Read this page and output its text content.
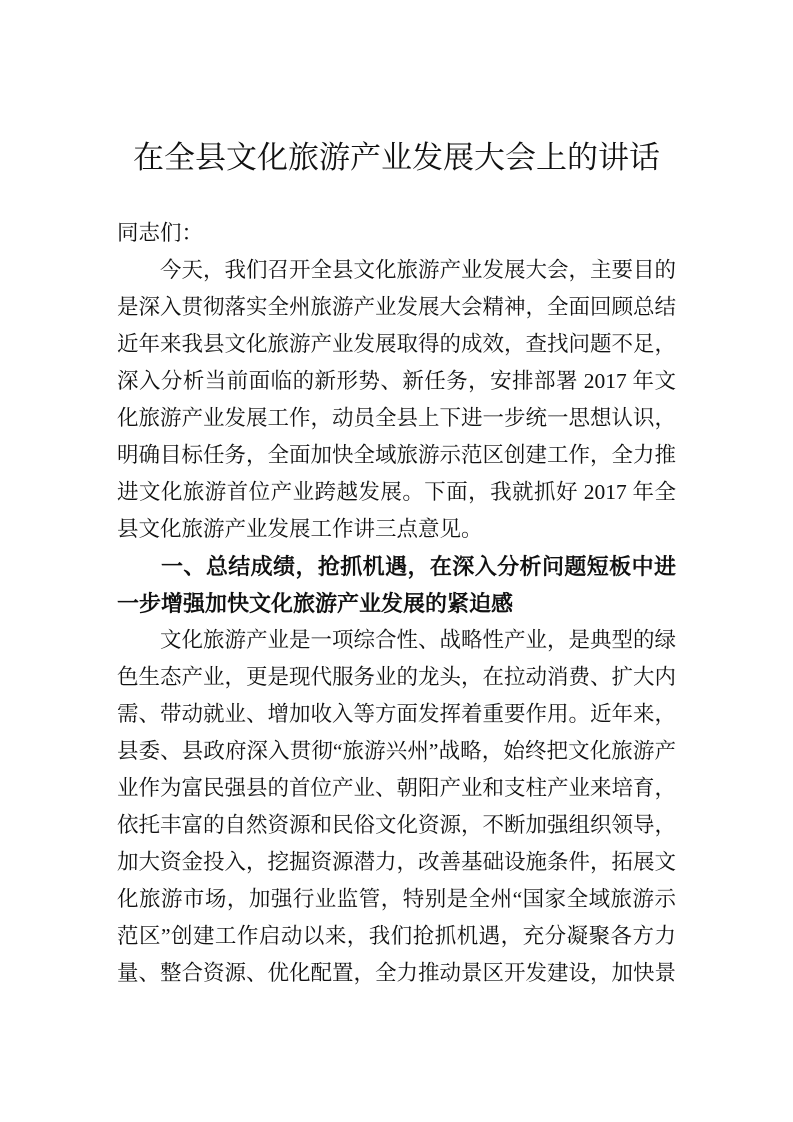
在全县文化旅游产业发展大会上的讲话

同志们：

今天，我们召开全县文化旅游产业发展大会，主要目的是深入贯彻落实全州旅游产业发展大会精神，全面回顾总结近年来我县文化旅游产业发展取得的成效，查找问题不足，深入分析当前面临的新形势、新任务，安排部署 2017 年文化旅游产业发展工作，动员全县上下进一步统一思想认识，明确目标任务，全面加快全域旅游示范区创建工作，全力推进文化旅游首位产业跨越发展。下面，我就抓好 2017 年全县文化旅游产业发展工作讲三点意见。

一、总结成绩，抢抓机遇，在深入分析问题短板中进一步增强加快文化旅游产业发展的紧迫感

文化旅游产业是一项综合性、战略性产业，是典型的绿色生态产业，更是现代服务业的龙头，在拉动消费、扩大内需、带动就业、增加收入等方面发挥着重要作用。近年来，县委、县政府深入贯彻“旅游兴州”战略，始终把文化旅游产业作为富民强县的首位产业、朝阳产业和支柱产业来培育，依托丰富的自然资源和民俗文化资源，不断加强组织领导，加大资金投入，挖掘资源潜力，改善基础设施条件，拓展文化旅游市场，加强行业监管，特别是全州“国家全域旅游示范区”创建工作启动以来，我们抢抓机遇，充分凝聚各方力量、整合资源、优化配置，全力推动景区开发建设，加快景
